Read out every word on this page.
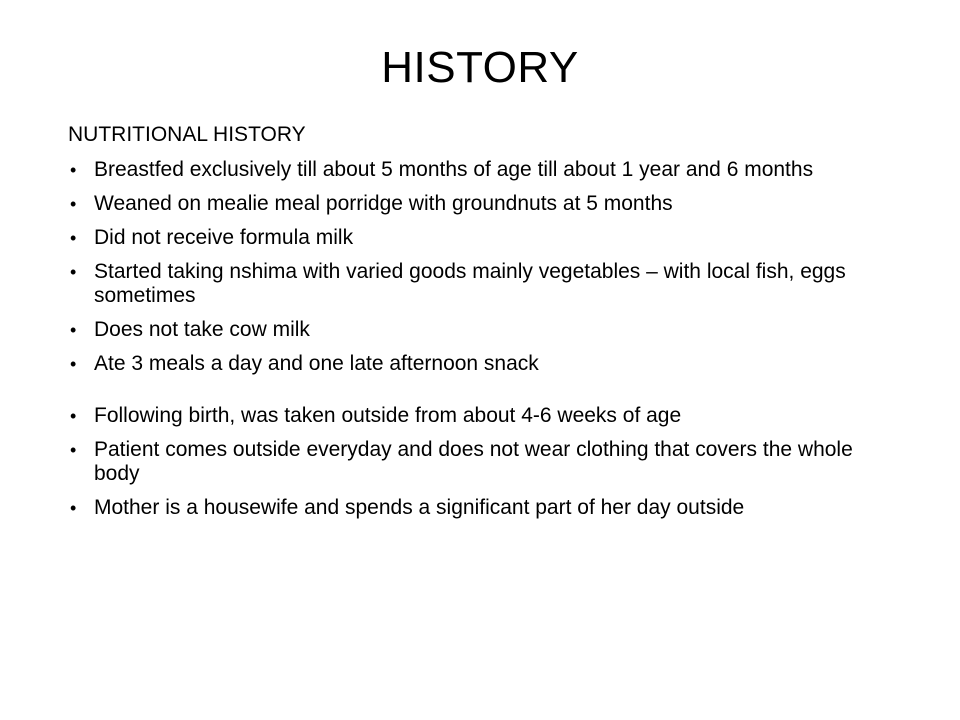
HISTORY
NUTRITIONAL HISTORY
• Breastfed exclusively till about 5 months of age till about 1 year and 6 months
• Weaned on mealie meal porridge with groundnuts at 5 months
• Did not receive formula milk
• Started taking nshima with varied goods mainly vegetables – with local fish, eggs sometimes
• Does not take cow milk
• Ate 3 meals a day and one late afternoon snack
• Following birth, was taken outside from about 4-6 weeks of age
• Patient comes outside everyday and does not wear clothing that covers the whole body
• Mother is a housewife and spends a significant part of her day outside
